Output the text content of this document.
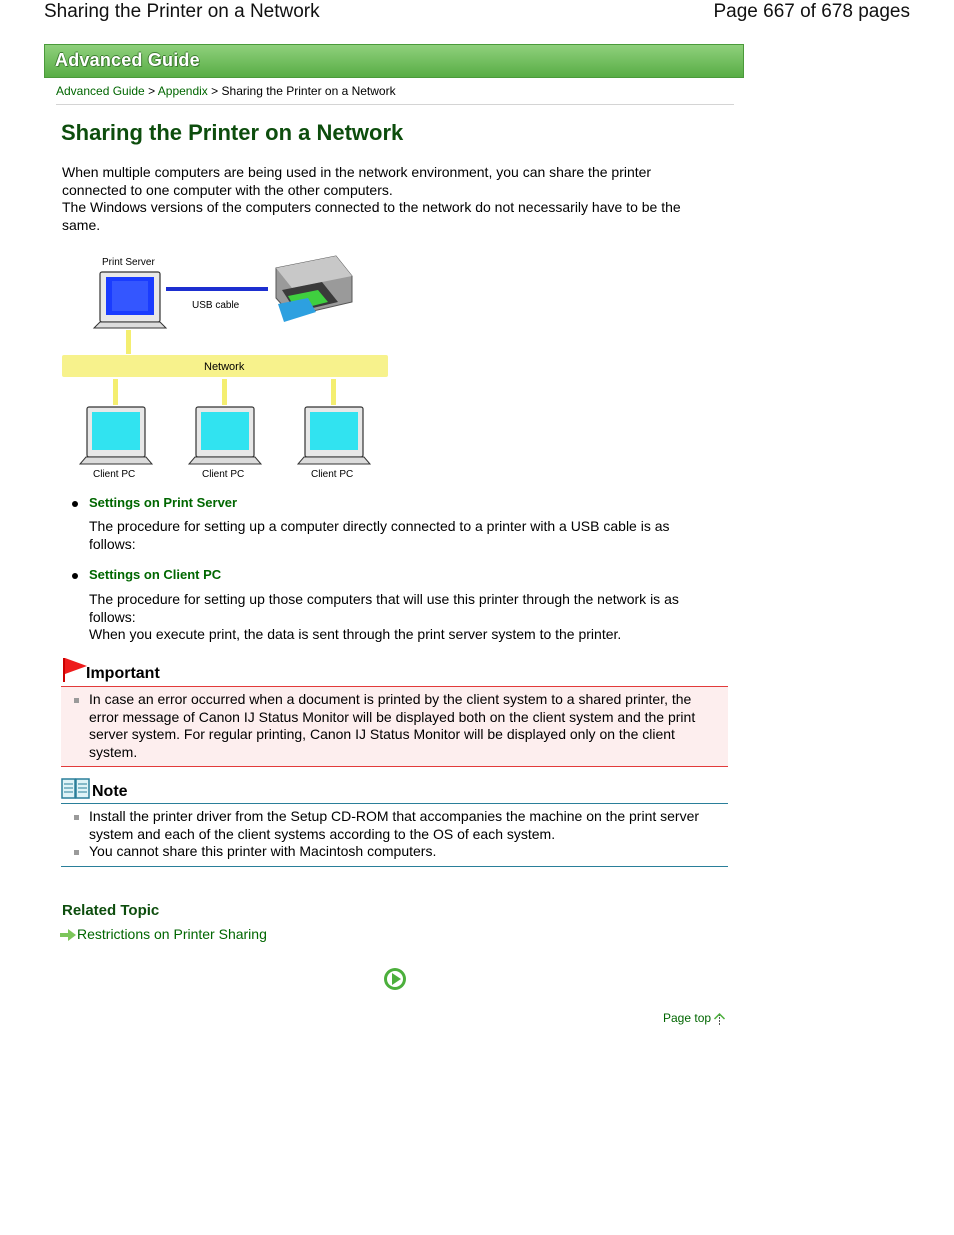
Sharing the Printer on a Network	Page 667 of 678 pages
Advanced Guide
Advanced Guide > Appendix > Sharing the Printer on a Network
Sharing the Printer on a Network
When multiple computers are being used in the network environment, you can share the printer connected to one computer with the other computers.
The Windows versions of the computers connected to the network do not necessarily have to be the same.
Print Server
USB cable
Network
Client PC	Client PC	Client PC
Settings on Print Server
The procedure for setting up a computer directly connected to a printer with a USB cable is as follows:
Settings on Client PC
The procedure for setting up those computers that will use this printer through the network is as follows:
When you execute print, the data is sent through the print server system to the printer.
Important
In case an error occurred when a document is printed by the client system to a shared printer, the error message of Canon IJ Status Monitor will be displayed both on the client system and the print server system. For regular printing, Canon IJ Status Monitor will be displayed only on the client system.
Note
Install the printer driver from the Setup CD-ROM that accompanies the machine on the print server system and each of the client systems according to the OS of each system.
You cannot share this printer with Macintosh computers.
Related Topic
Restrictions on Printer Sharing
Page top
